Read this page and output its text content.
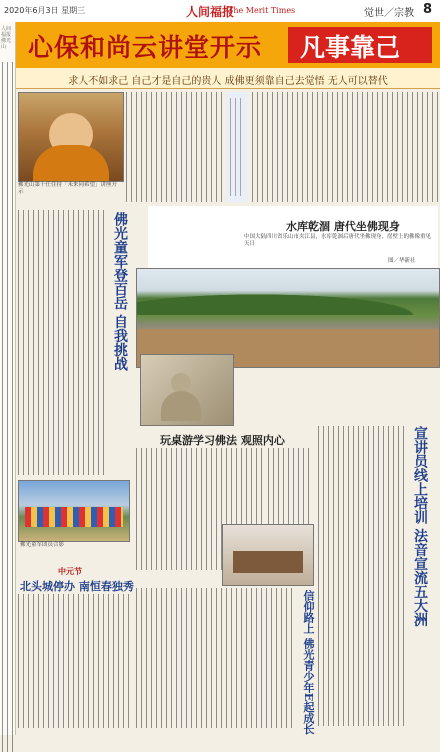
2020年6月3日 星期三	人间福报
The Merit Times	觉世／宗教 8
人间福报 佛光山 心保和尚云讲堂开示 凡事靠己
求人不如求己 自己才是自己的贵人 成佛更须靠自己去觉悟 无人可以替代
佛光山第十任住持「未来同希望」讲座开示
佛光童军登百岳 自我挑战	水库乾涸 唐代坐佛现身
中国大陆四川省乐山市夹江县，水库乾涸后唐代坐佛现身，崖壁上的佛像重见天日
图／华新社
玩桌游学习佛法 观照内心	宣讲员线上培训 法音宣流五大洲
信仰路上 佛光青少年E起成长
佛光童军团员合影
中元节
北头城停办 南恒春独秀
